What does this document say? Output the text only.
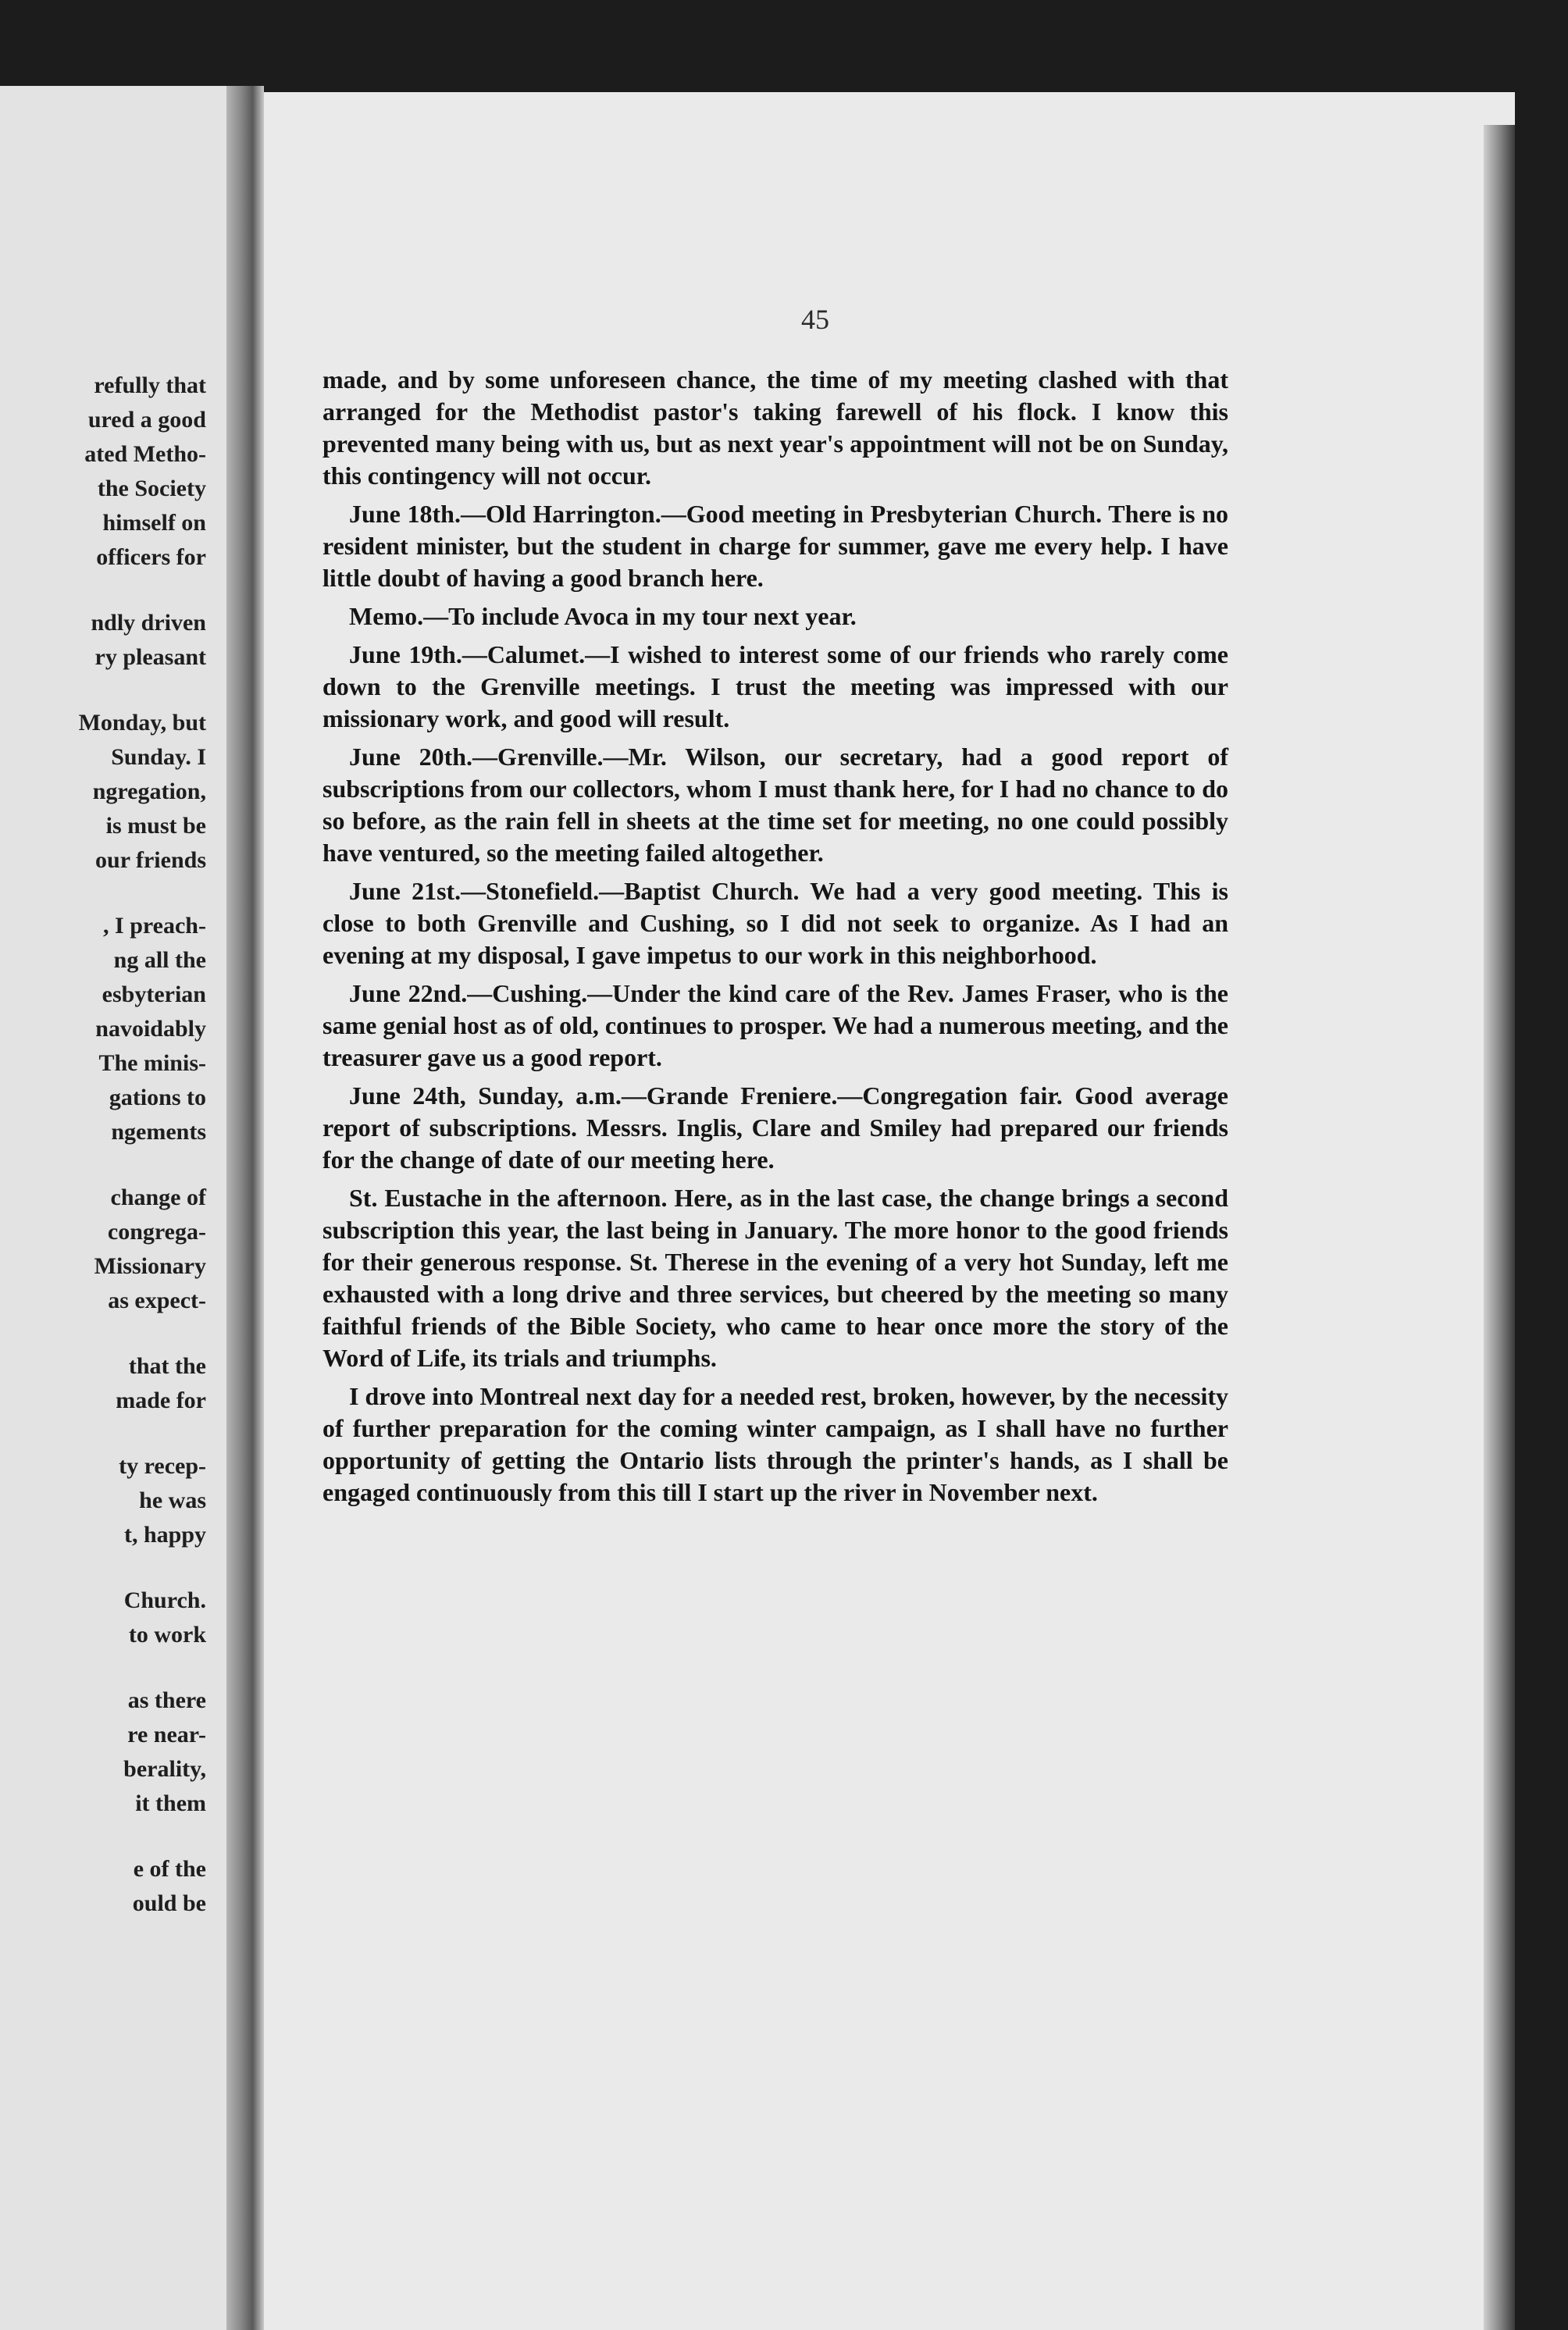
refully that
ured a good
ated Metho-
the Society
himself on
officers for
ndly driven
ry pleasant
Monday, but
Sunday. I
ngregation,
is must be
our friends
, I preach-
ng all the
esbyterian
navoidably
The minis-
gations to
ngements
change of
congrega-
Missionary
as expect-
that the
made for
ty recep-
he was
t, happy
Church.
to work
as there
re near-
berality,
it them
e of the
ould be
45

made, and by some unforeseen chance, the time of my meeting clashed with that arranged for the Methodist pastor's taking farewell of his flock. I know this prevented many being with us, but as next year's appointment will not be on Sunday, this contingency will not occur.

June 18th.—Old Harrington.—Good meeting in Presbyterian Church. There is no resident minister, but the student in charge for summer, gave me every help. I have little doubt of having a good branch here.

Memo.—To include Avoca in my tour next year.

June 19th.—Calumet.—I wished to interest some of our friends who rarely come down to the Grenville meetings. I trust the meeting was impressed with our missionary work, and good will result.

June 20th.—Grenville.—Mr. Wilson, our secretary, had a good report of subscriptions from our collectors, whom I must thank here, for I had no chance to do so before, as the rain fell in sheets at the time set for meeting, no one could possibly have ventured, so the meeting failed altogether.

June 21st.—Stonefield.—Baptist Church. We had a very good meeting. This is close to both Grenville and Cushing, so I did not seek to organize. As I had an evening at my disposal, I gave impetus to our work in this neighborhood.

June 22nd.—Cushing.—Under the kind care of the Rev. James Fraser, who is the same genial host as of old, continues to prosper. We had a numerous meeting, and the treasurer gave us a good report.

June 24th, Sunday, a.m.—Grande Freniere.—Congregation fair. Good average report of subscriptions. Messrs. Inglis, Clare and Smiley had prepared our friends for the change of date of our meeting here.

St. Eustache in the afternoon. Here, as in the last case, the change brings a second subscription this year, the last being in January. The more honor to the good friends for their generous response. St. Therese in the evening of a very hot Sunday, left me exhausted with a long drive and three services, but cheered by the meeting so many faithful friends of the Bible Society, who came to hear once more the story of the Word of Life, its trials and triumphs.

I drove into Montreal next day for a needed rest, broken, however, by the necessity of further preparation for the coming winter campaign, as I shall have no further opportunity of getting the Ontario lists through the printer's hands, as I shall be engaged continuously from this till I start up the river in November next.
